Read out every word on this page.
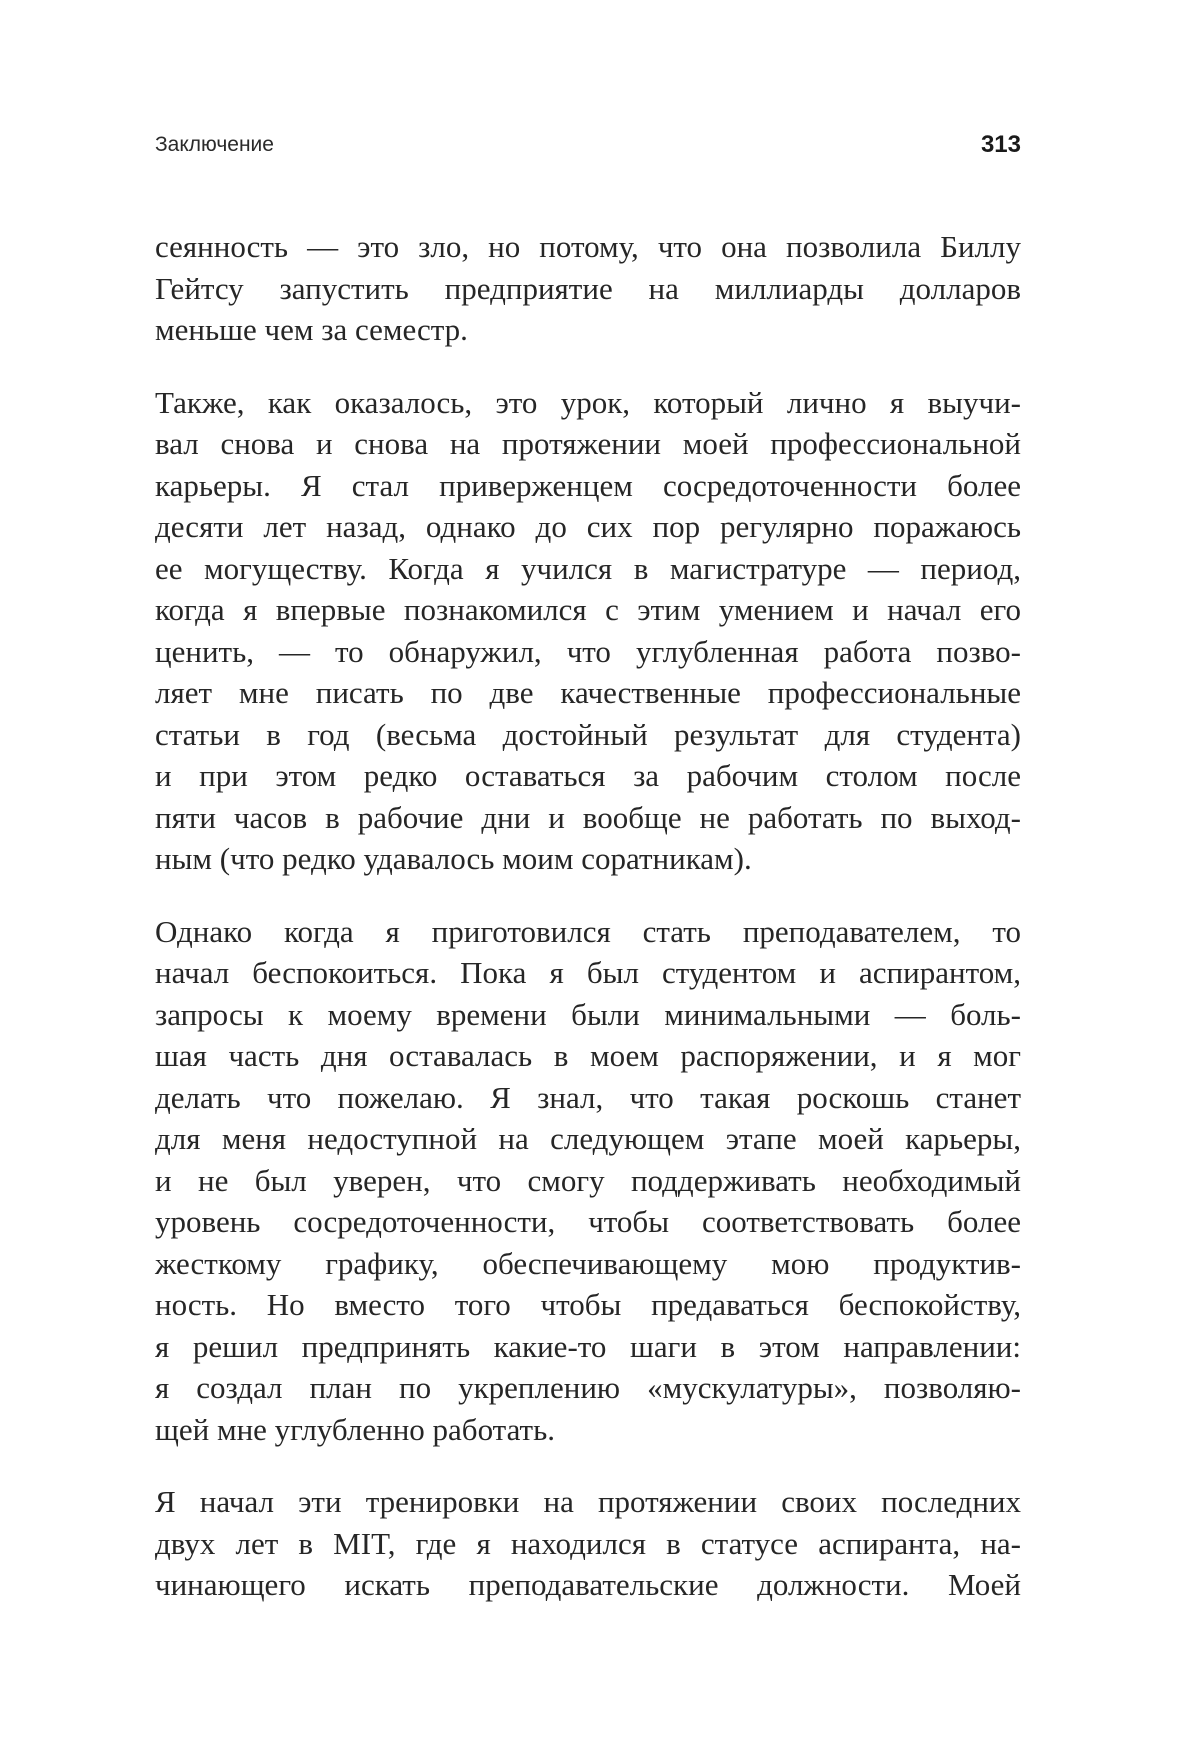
Заключение	313

сеянность — это зло, но потому, что она позволила Биллу
Гейтсу запустить предприятие на миллиарды долларов
меньше чем за семестр.

Также, как оказалось, это урок, который лично я выучи-
вал снова и снова на протяжении моей профессиональной
карьеры. Я стал приверженцем сосредоточенности более
десяти лет назад, однако до сих пор регулярно поражаюсь
ее могуществу. Когда я учился в магистратуре — период,
когда я впервые познакомился с этим умением и начал его
ценить, — то обнаружил, что углубленная работа позво-
ляет мне писать по две качественные профессиональные
статьи в год (весьма достойный результат для студента)
и при этом редко оставаться за рабочим столом после
пяти часов в рабочие дни и вообще не работать по выход-
ным (что редко удавалось моим соратникам).

Однако когда я приготовился стать преподавателем, то
начал беспокоиться. Пока я был студентом и аспирантом,
запросы к моему времени были минимальными — боль-
шая часть дня оставалась в моем распоряжении, и я мог
делать что пожелаю. Я знал, что такая роскошь станет
для меня недоступной на следующем этапе моей карьеры,
и не был уверен, что смогу поддерживать необходимый
уровень сосредоточенности, чтобы соответствовать более
жесткому графику, обеспечивающему мою продуктив-
ность. Но вместо того чтобы предаваться беспокойству,
я решил предпринять какие-то шаги в этом направлении:
я создал план по укреплению «мускулатуры», позволяю-
щей мне углубленно работать.

Я начал эти тренировки на протяжении своих последних
двух лет в MIT, где я находился в статусе аспиранта, на-
чинающего искать преподавательские должности. Моей
